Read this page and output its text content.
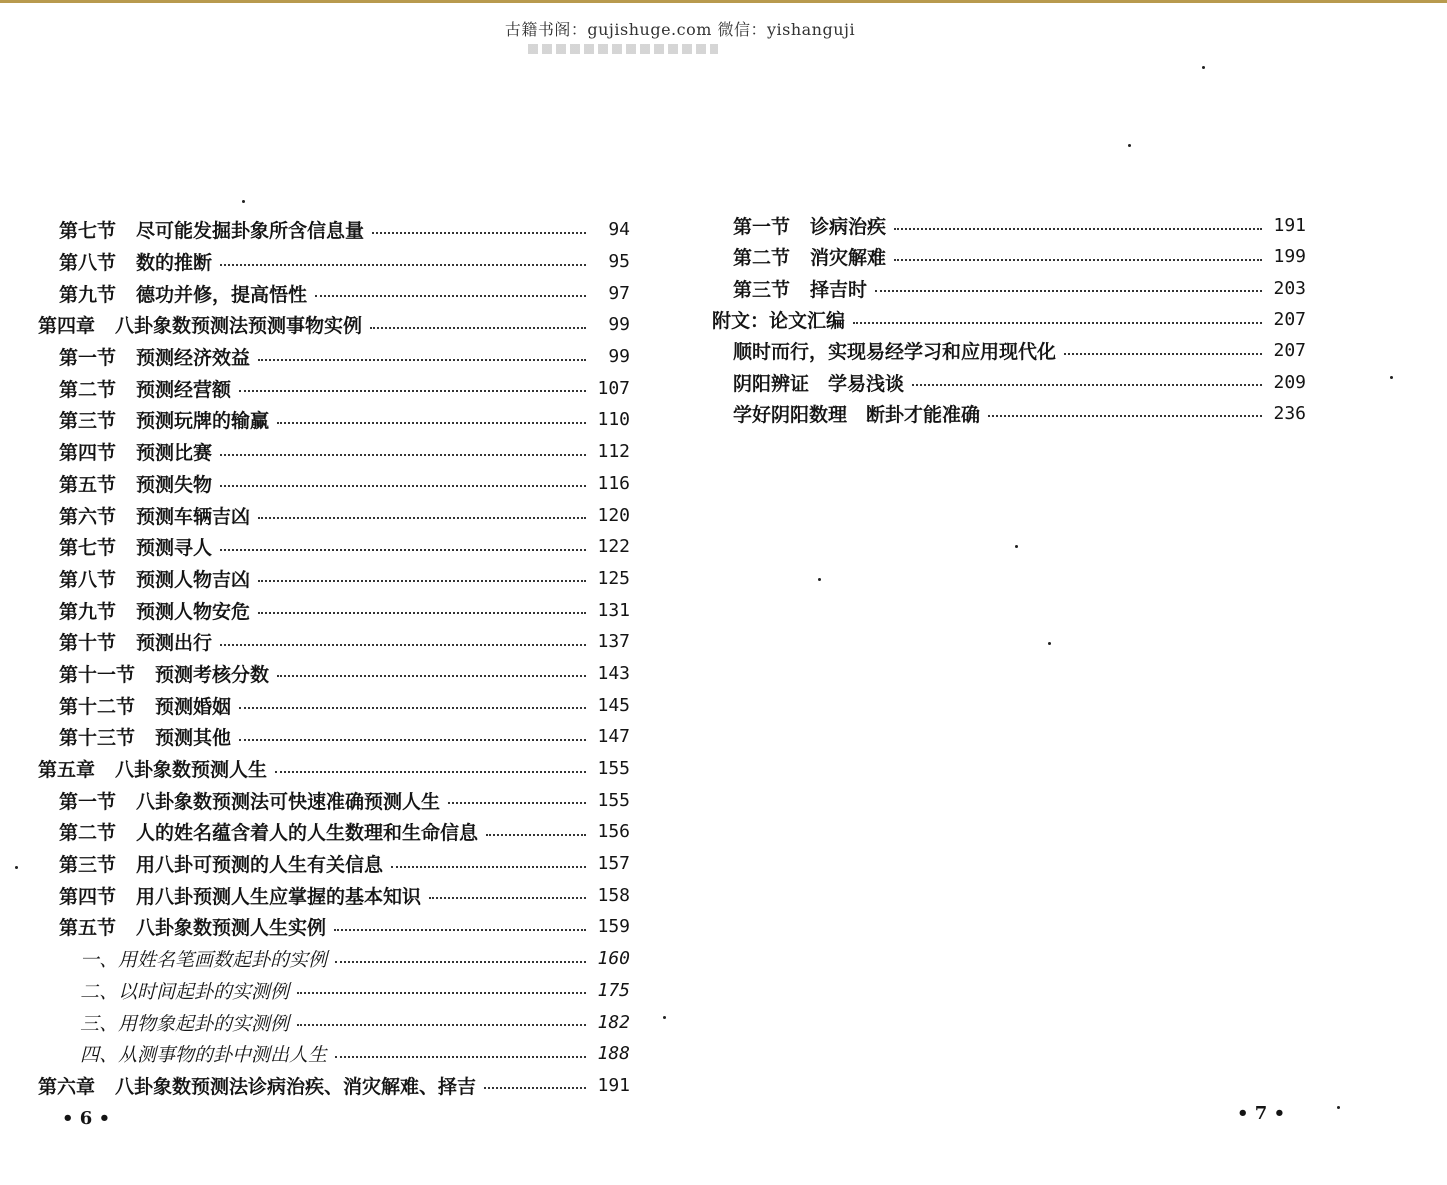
古籍书阁：gujishuge.com 微信：yishanguji
第七节 尽可能发掘卦象所含信息量	94
第八节 数的推断	95
第九节 德功并修，提高悟性	97
第四章 八卦象数预测法预测事物实例	99
第一节 预测经济效益	99
第二节 预测经营额	107
第三节 预测玩牌的输赢	110
第四节 预测比赛	112
第五节 预测失物	116
第六节 预测车辆吉凶	120
第七节 预测寻人	122
第八节 预测人物吉凶	125
第九节 预测人物安危	131
第十节 预测出行	137
第十一节 预测考核分数	143
第十二节 预测婚姻	145
第十三节 预测其他	147
第五章 八卦象数预测人生	155
第一节 八卦象数预测法可快速准确预测人生	155
第二节 人的姓名蕴含着人的人生数理和生命信息	156
第三节 用八卦可预测的人生有关信息	157
第四节 用八卦预测人生应掌握的基本知识	158
第五节 八卦象数预测人生实例	159
一、用姓名笔画数起卦的实例	160
二、以时间起卦的实测例	175
三、用物象起卦的实测例	182
四、从测事物的卦中测出人生	188
第六章 八卦象数预测法诊病治疾、消灾解难、择吉	191
第一节 诊病治疾	191
第二节 消灾解难	199
第三节 择吉时	203
附文：论文汇编	207
顺时而行，实现易经学习和应用现代化	207
阴阳辨证　学易浅谈	209
学好阴阳数理　断卦才能准确	236
• 6 •	• 7 •
